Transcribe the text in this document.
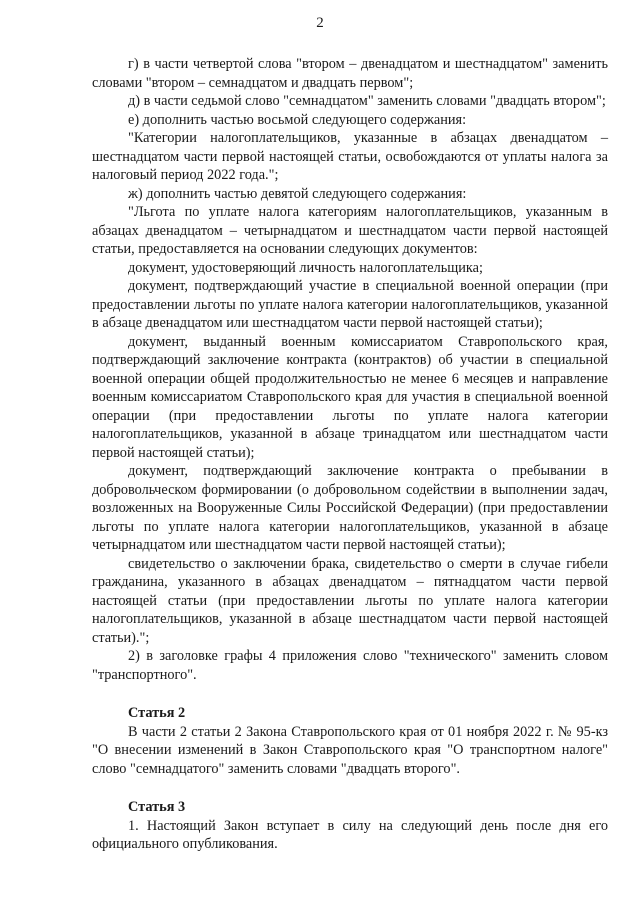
2

г) в части четвертой слова "втором – двенадцатом и шестнадцатом" заменить словами "втором – семнадцатом и двадцать первом";

д) в части седьмой слово "семнадцатом" заменить словами "двадцать втором";

е) дополнить частью восьмой следующего содержания:

"Категории налогоплательщиков, указанные в абзацах двенадцатом – шестнадцатом части первой настоящей статьи, освобождаются от уплаты налога за налоговый период 2022 года.";

ж) дополнить частью девятой следующего содержания:

"Льгота по уплате налога категориям налогоплательщиков, указанным в абзацах двенадцатом – четырнадцатом и шестнадцатом части первой настоящей статьи, предоставляется на основании следующих документов:

документ, удостоверяющий личность налогоплательщика;

документ, подтверждающий участие в специальной военной операции (при предоставлении льготы по уплате налога категории налогоплательщиков, указанной в абзаце двенадцатом или шестнадцатом части первой настоящей статьи);

документ, выданный военным комиссариатом Ставропольского края, подтверждающий заключение контракта (контрактов) об участии в специальной военной операции общей продолжительностью не менее 6 месяцев и направление военным комиссариатом Ставропольского края для участия в специальной военной операции (при предоставлении льготы по уплате налога категории налогоплательщиков, указанной в абзаце тринадцатом или шестнадцатом части первой настоящей статьи);

документ, подтверждающий заключение контракта о пребывании в добровольческом формировании (о добровольном содействии в выполнении задач, возложенных на Вооруженные Силы Российской Федерации) (при предоставлении льготы по уплате налога категории налогоплательщиков, указанной в абзаце четырнадцатом или шестнадцатом части первой настоящей статьи);

свидетельство о заключении брака, свидетельство о смерти в случае гибели гражданина, указанного в абзацах двенадцатом – пятнадцатом части первой настоящей статьи (при предоставлении льготы по уплате налога категории налогоплательщиков, указанной в абзаце шестнадцатом части первой настоящей статьи).";

2) в заголовке графы 4 приложения слово "технического" заменить словом "транспортного".

Статья 2

В части 2 статьи 2 Закона Ставропольского края от 01 ноября 2022 г. № 95-кз "О внесении изменений в Закон Ставропольского края "О транспортном налоге" слово "семнадцатого" заменить словами "двадцать второго".

Статья 3

1. Настоящий Закон вступает в силу на следующий день после дня его официального опубликования.
